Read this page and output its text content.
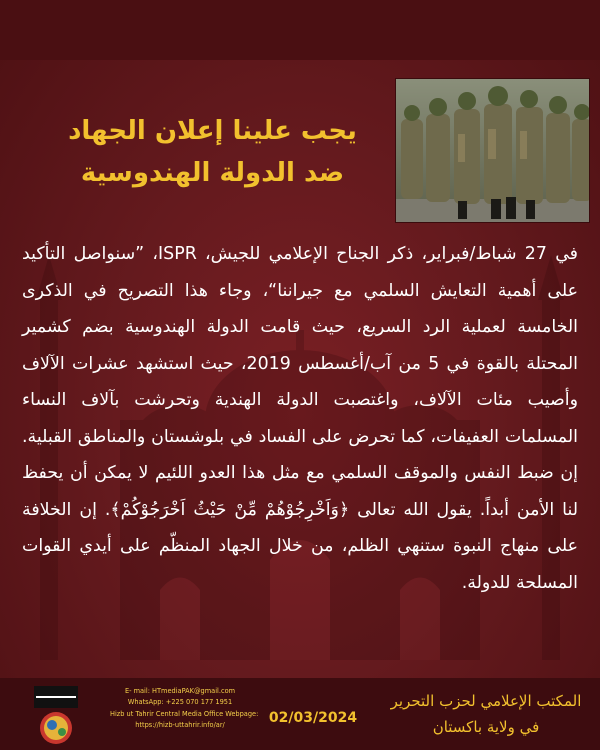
يجب علينا إعلان الجهاد
ضد الدولة الهندوسية
في 27 شباط/فبراير، ذكر الجناح الإعلامي للجيش، ISPR، ”سنواصل التأكيد على أهمية التعايش السلمي مع جيراننا“، وجاء هذا التصريح في الذكرى الخامسة لعملية الرد السريع، حيث قامت الدولة الهندوسية بضم كشمير المحتلة بالقوة في 5 من آب/أغسطس 2019، حيث استشهد عشرات الآلاف وأصيب مئات الآلاف، واغتصبت الدولة الهندية وتحرشت بآلاف النساء المسلمات العفيفات، كما تحرض على الفساد في بلوشستان والمناطق القبلية. إن ضبط النفس والموقف السلمي مع مثل هذا العدو اللئيم لا يمكن أن يحفظ لنا الأمن أبداً. يقول الله تعالى ﴿وَاَخْرِجُوْهُمْ مِّنْ حَيْثُ اَخْرَجُوْكُمْ﴾. إن الخلافة على منهاج النبوة ستنهي الظلم، من خلال الجهاد المنظّم على أيدي القوات المسلحة للدولة.
المكتب الإعلامي لحزب التحرير
في ولاية باكستان
02/03/2024
E- mail: HTmediaPAK@gmail.com
WhatsApp: +225 070 177 1951
Hizb ut Tahrir Central Media Office Webpage:
https://hizb-uttahrir.info/ar/
